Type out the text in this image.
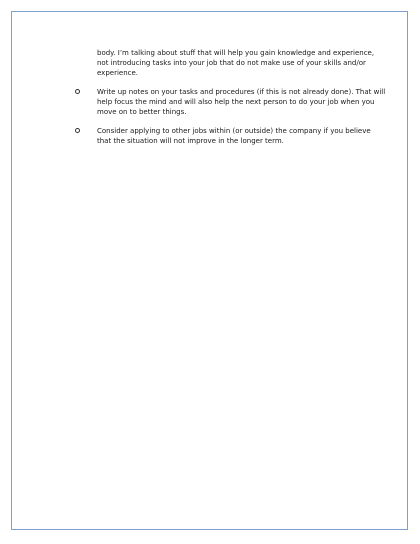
body. I’m talking about stuff that will help you gain knowledge and experience, not introducing tasks into your job that do not make use of your skills and/or experience.

Write up notes on your tasks and procedures (if this is not already done). That will help focus the mind and will also help the next person to do your job when you move on to better things.

Consider applying to other jobs within (or outside) the company if you believe that the situation will not improve in the longer term.
